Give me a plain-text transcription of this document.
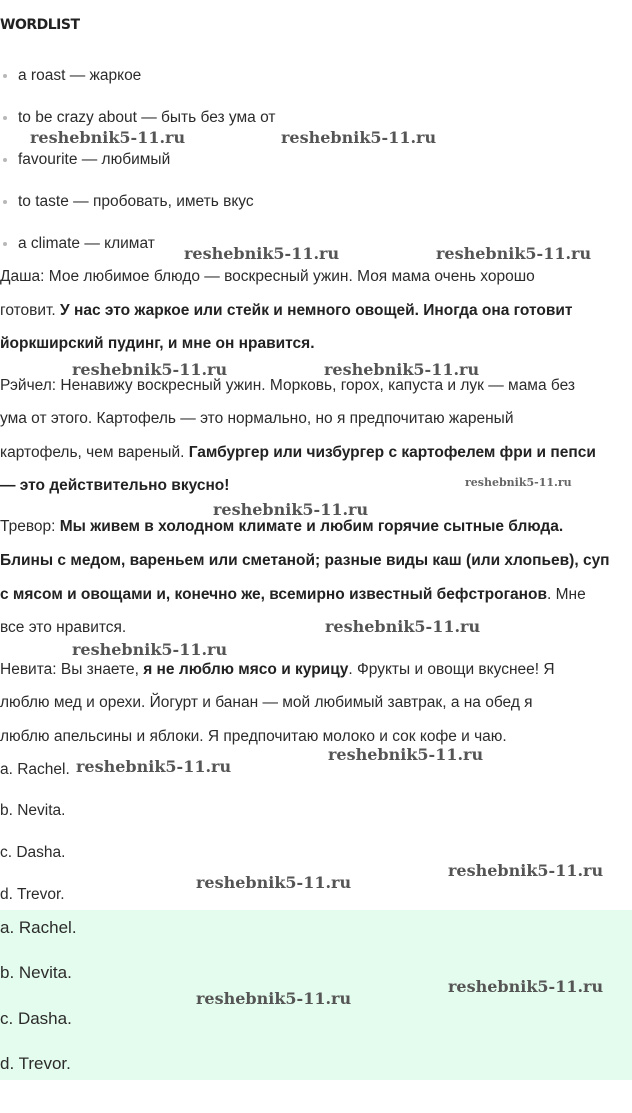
WORDLIST
a roast — жаркое
to be crazy about — быть без ума от
favourite — любимый
to taste — пробовать, иметь вкус
a climate — климат
Даша: Мое любимое блюдо — воскресный ужин. Моя мама очень хорошо
готовит. У нас это жаркое или стейк и немного овощей. Иногда она готовит
йоркширский пудинг, и мне он нравится.
Рэйчел: Ненавижу воскресный ужин. Морковь, горох, капуста и лук — мама без
ума от этого. Картофель — это нормально, но я предпочитаю жареный
картофель, чем вареный. Гамбургер или чизбургер с картофелем фри и пепси
— это действительно вкусно!
Тревор: Мы живем в холодном климате и любим горячие сытные блюда.
Блины с медом, вареньем или сметаной; разные виды каш (или хлопьев), суп
с мясом и овощами и, конечно же, всемирно известный бефстроганов. Мне
все это нравится.
Невита: Вы знаете, я не люблю мясо и курицу. Фрукты и овощи вкуснее! Я
люблю мед и орехи. Йогурт и банан — мой любимый завтрак, а на обед я
люблю апельсины и яблоки. Я предпочитаю молоко и сок кофе и чаю.
a. Rachel.
b. Nevita.
c. Dasha.
d. Trevor.
a. Rachel.
b. Nevita.
c. Dasha.
d. Trevor.
reshebnik5-11.ru	reshebnik5-11.ru
reshebnik5-11.ru	reshebnik5-11.ru
reshebnik5-11.ru	reshebnik5-11.ru
reshebnik5-11.ru
reshebnik5-11.ru
reshebnik5-11.ru
reshebnik5-11.ru
reshebnik5-11.ru
reshebnik5-11.ru
reshebnik5-11.ru
reshebnik5-11.ru
reshebnik5-11.ru
reshebnik5-11.ru
